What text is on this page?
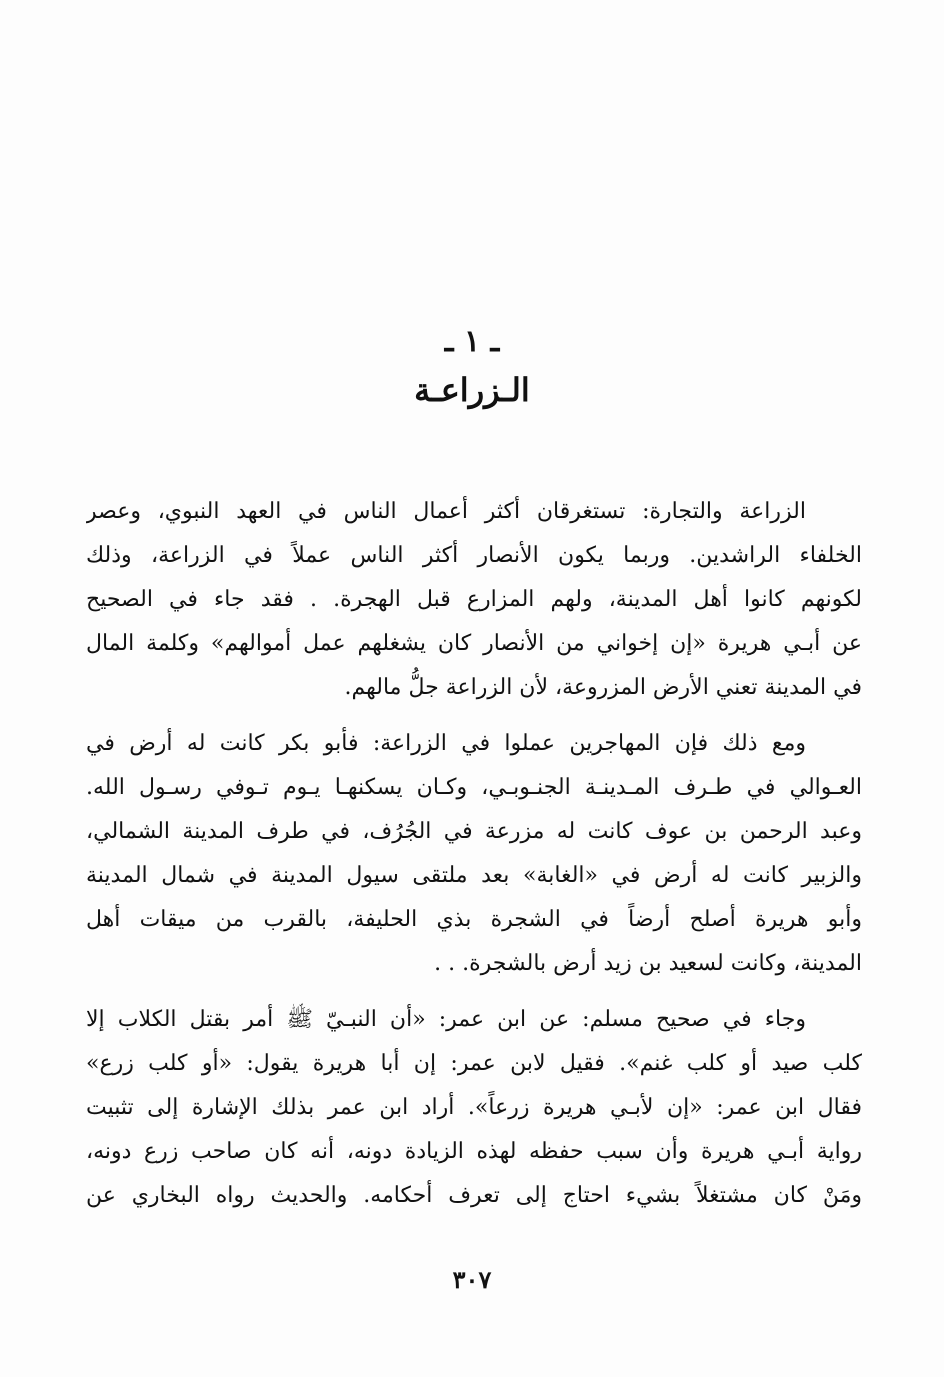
ـ ١ ـ
الـزراعـة
الزراعة والتجارة: تستغرقان أكثر أعمال الناس في العهد النبوي، وعصر
الخلفاء الراشدين. وربما يكون الأنصار أكثر الناس عملاً في الزراعة، وذلك
لكونهم كانوا أهل المدينة، ولهم المزارع قبل الهجرة. . فقد جاء في الصحيح
عن أبـي هريرة «إن إخواني من الأنصار كان يشغلهم عمل أموالهم» وكلمة المال
في المدينة تعني الأرض المزروعة، لأن الزراعة جلُّ مالهم.
ومع ذلك فإن المهاجرين عملوا في الزراعة: فأبو بكر كانت له أرض في
العـوالي في طـرف المـدينـة الجنـوبـي، وكـان يسكنهـا يـوم تـوفي رسـول الله.
وعبد الرحمن بن عوف كانت له مزرعة في الجُرُف، في طرف المدينة الشمالي،
والزبير كانت له أرض في «الغابة» بعد ملتقى سيول المدينة في شمال المدينة
وأبو هريرة أصلح أرضاً في الشجرة بذي الحليفة، بالقرب من ميقات أهل
المدينة، وكانت لسعيد بن زيد أرض بالشجرة. . .
وجاء في صحيح مسلم: عن ابن عمر: «أن النبـيّ ﷺ أمر بقتل الكلاب إلا
كلب صيد أو كلب غنم». فقيل لابن عمر: إن أبا هريرة يقول: «أو كلب زرع»
فقال ابن عمر: «إن لأبـي هريرة زرعاً». أراد ابن عمر بذلك الإشارة إلى تثبيت
رواية أبـي هريرة وأن سبب حفظه لهذه الزيادة دونه، أنه كان صاحب زرع دونه،
ومَنْ كان مشتغلاً بشيء احتاج إلى تعرف أحكامه. والحديث رواه البخاري عن
٣٠٧
